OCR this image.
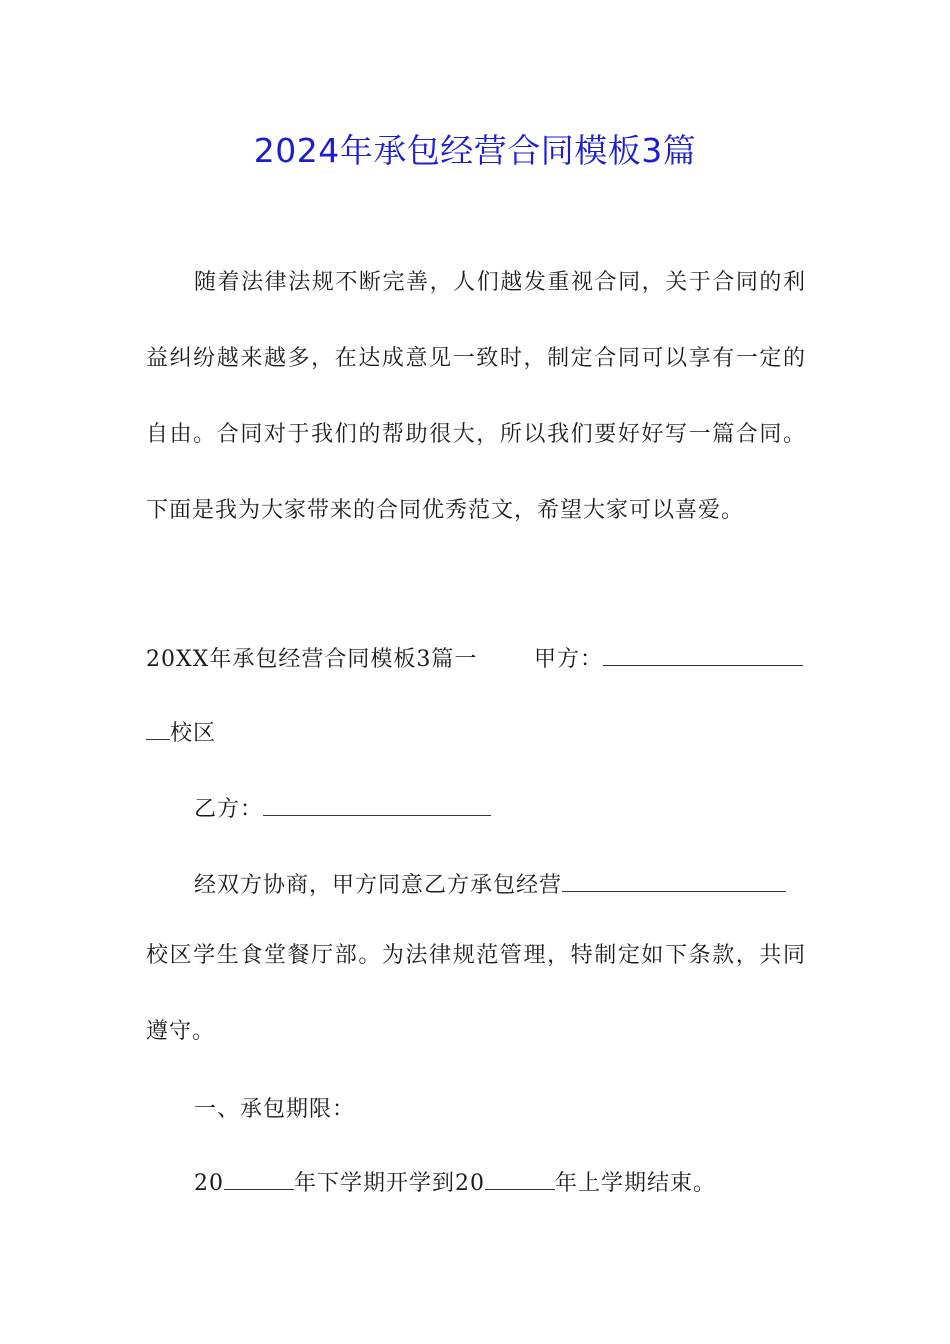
2024年承包经营合同模板3篇
随着法律法规不断完善，人们越发重视合同，关于合同的利益纠纷越来越多，在达成意见一致时，制定合同可以享有一定的自由。合同对于我们的帮助很大，所以我们要好好写一篇合同。下面是我为大家带来的合同优秀范文，希望大家可以喜爱。
20XX年承包经营合同模板3篇一	甲方：
校区
乙方：
经双方协商，甲方同意乙方承包经营
校区学生食堂餐厅部。为法律规范管理，特制定如下条款，共同遵守。
一、承包期限：
20	年下学期开学到20	年上学期结束。
